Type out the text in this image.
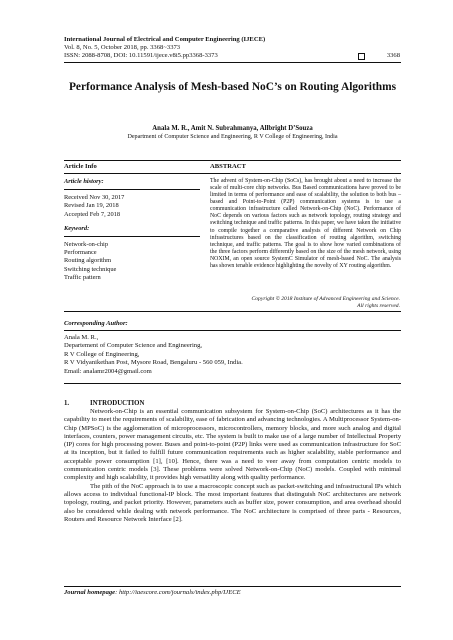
International Journal of Electrical and Computer Engineering (IJECE)
Vol. 8, No. 5, October 2018, pp. 3368~3373
ISSN: 2088-8708, DOI: 10.11591/ijece.v8i5.pp3368-3373	3368
Performance Analysis of Mesh-based NoC’s on Routing Algorithms
Anala M. R., Amit N. Subrahmanya, Allbright D’Souza
Department of Computer Science and Engineering, R V College of Engineering, India
Article Info	ABSTRACT
Article history:
Received Nov 30, 2017
Revised Jan 19, 2018
Accepted Feb 7, 2018
Keyword:
Network-on-chip
Performance
Routing algorithm
Switching technique
Traffic pattern
The advent of System-on-Chip (SoCs), has brought about a need to increase the scale of multi-core chip networks. Bus Based communications have proved to be limited in terms of performance and ease of scalability, the solution to both bus – based and Point-to-Point (P2P) communication systems is to use a communication infrastructure called Network-on-Chip (NoC). Performance of NoC depends on various factors such as network topology, routing strategy and switching technique and traffic patterns. In this paper, we have taken the initiative to compile together a comparative analysis of different Network on Chip infrastructures based on the classification of routing algorithm, switching technique, and traffic patterns. The goal is to show how varied combinations of the three factors perform differently based on the size of the mesh network, using NOXIM, an open source SystemC Simulator of mesh-based NoC. The analysis has shown tenable evidence highlighting the novelty of XY routing algorithm.
Copyright © 2018 Institute of Advanced Engineering and Science.
All rights reserved.
Corresponding Author:
Anala M. R.,
Departement of Computer Science and Engineering,
R V College of Engineering,
R V Vidyanikethan Post, Mysore Road, Bengaluru - 560 059, India.
Email: analamr2004@gmail.com
1.	INTRODUCTION

Network-on-Chip is an essential communication subsystem for System-on-Chip (SoC) architectures as it has the capability to meet the requirements of scalability, ease of fabrication and advancing technologies. A Multiprocessor System-on-Chip (MPSoC) is the agglomeration of microprocessors, microcontrollers, memory blocks, and more such analog and digital interfaces, counters, power management circuits, etc. The system is built to make use of a large number of Intellectual Property (IP) cores for high processing power. Buses and point-to-point (P2P) links were used as communication infrastructure for SoC at its inception, but it failed to fulfill future communication requirements such as higher scalability, stable performance and acceptable power consumption [1], [10]. Hence, there was a need to veer away from computation centric models to communication centric models [3]. These problems were solved Network-on-Chip (NoC) models. Coupled with minimal complexity and high scalability, it provides high versatility along with quality performance.

The pith of the NoC approach is to use a macroscopic concept such as packet-switching and infrastructural IPs which allows access to individual functional-IP block. The most important features that distinguish NoC architectures are network topology, routing, and packet priority. However, parameters such as buffer size, power consumption, and area overhead should also be considered while dealing with network performance. The NoC architecture is comprised of three parts - Resources, Routers and Resource Network Interface [2].

Journal homepage: http://iaescore.com/journals/index.php/IJECE
